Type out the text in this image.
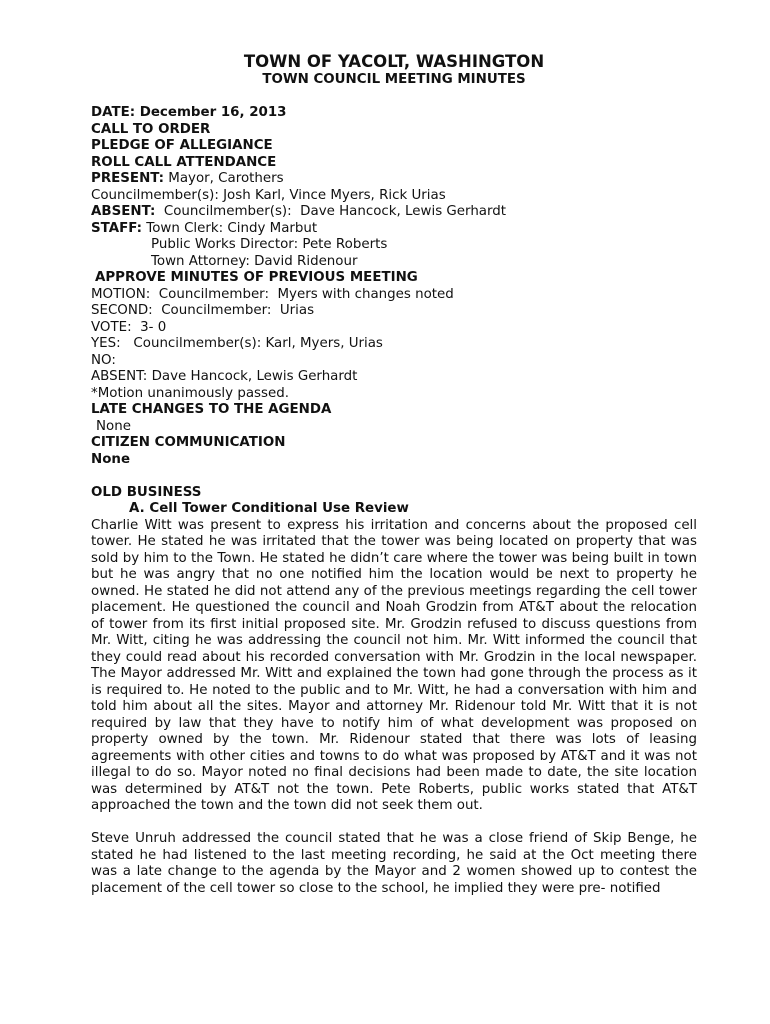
TOWN OF YACOLT, WASHINGTON

TOWN COUNCIL MEETING MINUTES

DATE: December 16, 2013

CALL TO ORDER

PLEDGE OF ALLEGIANCE

ROLL CALL ATTENDANCE

PRESENT: Mayor, Carothers

Councilmember(s): Josh Karl, Vince Myers, Rick Urias

ABSENT:  Councilmember(s):  Dave Hancock, Lewis Gerhardt

STAFF: Town Clerk: Cindy Marbut

Public Works Director: Pete Roberts

Town Attorney: David Ridenour

APPROVE MINUTES OF PREVIOUS MEETING

MOTION:  Councilmember:  Myers with changes noted

SECOND:  Councilmember:  Urias

VOTE:  3- 0

YES:   Councilmember(s): Karl, Myers, Urias

NO:

ABSENT: Dave Hancock, Lewis Gerhardt

*Motion unanimously passed.

LATE CHANGES TO THE AGENDA

None

CITIZEN COMMUNICATION

None

OLD BUSINESS

A. Cell Tower Conditional Use Review

Charlie Witt was present to express his irritation and concerns about the proposed cell tower. He stated he was irritated that the tower was being located on property that was sold by him to the Town. He stated he didn’t care where the tower was being built in town but he was angry that no one notified him the location would be next to property he owned. He stated he did not attend any of the previous meetings regarding the cell tower placement. He questioned the council and Noah Grodzin from AT&T about the relocation of tower from its first initial proposed site. Mr. Grodzin refused to discuss questions from Mr. Witt, citing he was addressing the council not him. Mr. Witt informed the council that they could read about his recorded conversation with Mr. Grodzin in the local newspaper. The Mayor addressed Mr. Witt and explained the town had gone through the process as it is required to. He noted to the public and to Mr. Witt, he had a conversation with him and told him about all the sites. Mayor and attorney Mr. Ridenour told Mr. Witt that it is not required by law that they have to notify him of what development was proposed on property owned by the town. Mr. Ridenour stated that there was lots of leasing agreements with other cities and towns to do what was proposed by AT&T and it was not illegal to do so. Mayor noted no final decisions had been made to date, the site location was determined by AT&T not the town. Pete Roberts, public works stated that AT&T approached the town and the town did not seek them out.

Steve Unruh addressed the council stated that he was a close friend of Skip Benge, he stated he had listened to the last meeting recording, he said at the Oct meeting there was a late change to the agenda by the Mayor and 2 women showed up to contest the placement of the cell tower so close to the school, he implied they were pre- notified
